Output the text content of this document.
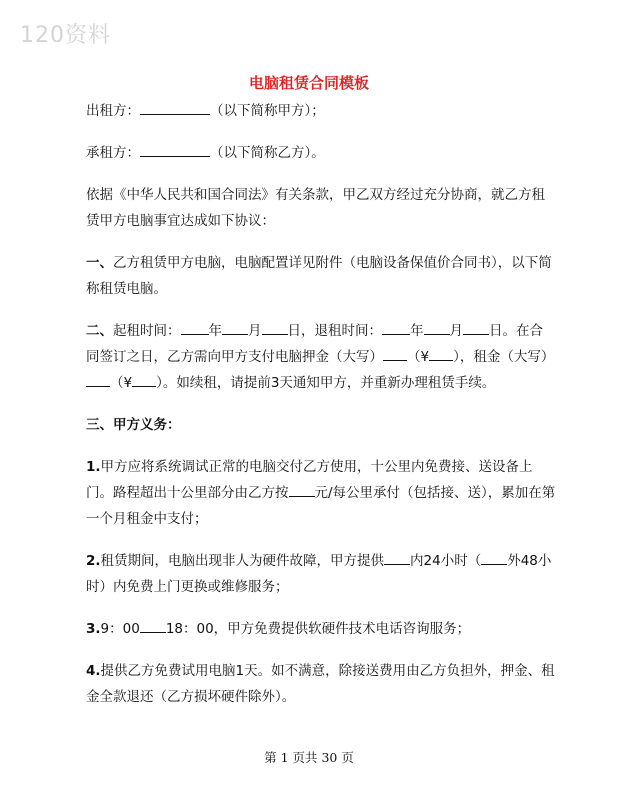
120资料
电脑租赁合同模板

出租方：	（以下简称甲方）；

承租方：	（以下简称乙方）。

依据《中华人民共和国合同法》有关条款，甲乙双方经过充分协商，就乙方租赁甲方电脑事宜达成如下协议：

一、乙方租赁甲方电脑，电脑配置详见附件（电脑设备保值价合同书），以下简称租赁电脑。

二、起租时间： 年 月 日，退租时间： 年 月 日。在合同签订之日，乙方需向甲方支付电脑押金（大写） （¥ ），租金（大写）（¥ ）。如续租，请提前3天通知甲方，并重新办理租赁手续。

三、甲方义务：

1.甲方应将系统调试正常的电脑交付乙方使用，十公里内免费接、送设备上门。路程超出十公里部分由乙方按 元/每公里承付（包括接、送），累加在第一个月租金中支付；

2.租赁期间，电脑出现非人为硬件故障，甲方提供 内24小时（ 外48小时）内免费上门更换或维修服务；

3.9：00 18：00，甲方免费提供软硬件技术电话咨询服务；

4.提供乙方免费试用电脑1天。如不满意，除接送费用由乙方负担外，押金、租金全款退还（乙方损坏硬件除外）。

第 1 页共 30 页
